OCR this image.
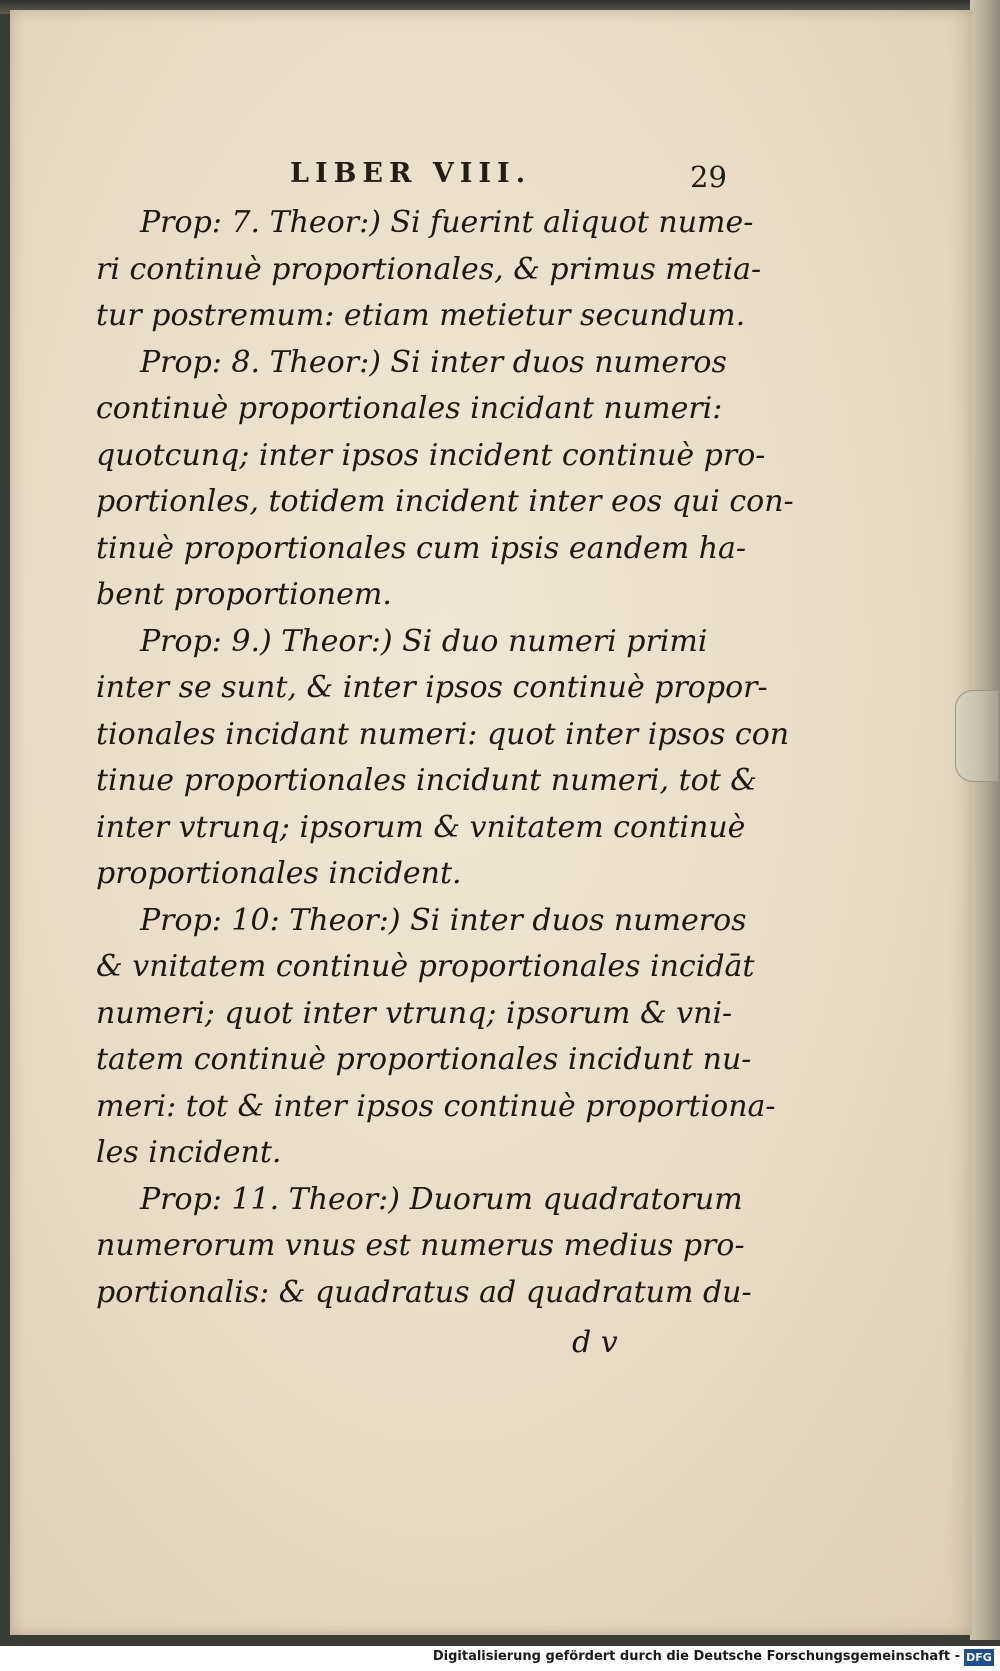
LIBER VIII.	29
Prop: 7. Theor:) Si fuerint aliquot nume-
ri continuè proportionales, & primus metia-
tur postremum: etiam metietur secundum.
Prop: 8. Theor:) Si inter duos numeros
continuè proportionales incidant numeri:
quotcunq; inter ipsos incident continuè pro-
portionles, totidem incident inter eos qui con-
tinuè proportionales cum ipsis eandem ha-
bent proportionem.
Prop: 9.) Theor:) Si duo numeri primi
inter se sunt, & inter ipsos continuè propor-
tionales incidant numeri: quot inter ipsos con
tinue proportionales incidunt numeri, tot &
inter vtrunq; ipsorum & vnitatem continuè
proportionales incident.
Prop: 10: Theor:) Si inter duos numeros
& vnitatem continuè proportionales incidāt
numeri; quot inter vtrunq; ipsorum & vni-
tatem continuè proportionales incidunt nu-
meri: tot & inter ipsos continuè proportiona-
les incident.
Prop: 11. Theor:) Duorum quadratorum
numerorum vnus est numerus medius pro-
portionalis: & quadratus ad quadratum du-
d v
Digitalisierung gefördert durch die Deutsche Forschungsgemeinschaft - DFG
